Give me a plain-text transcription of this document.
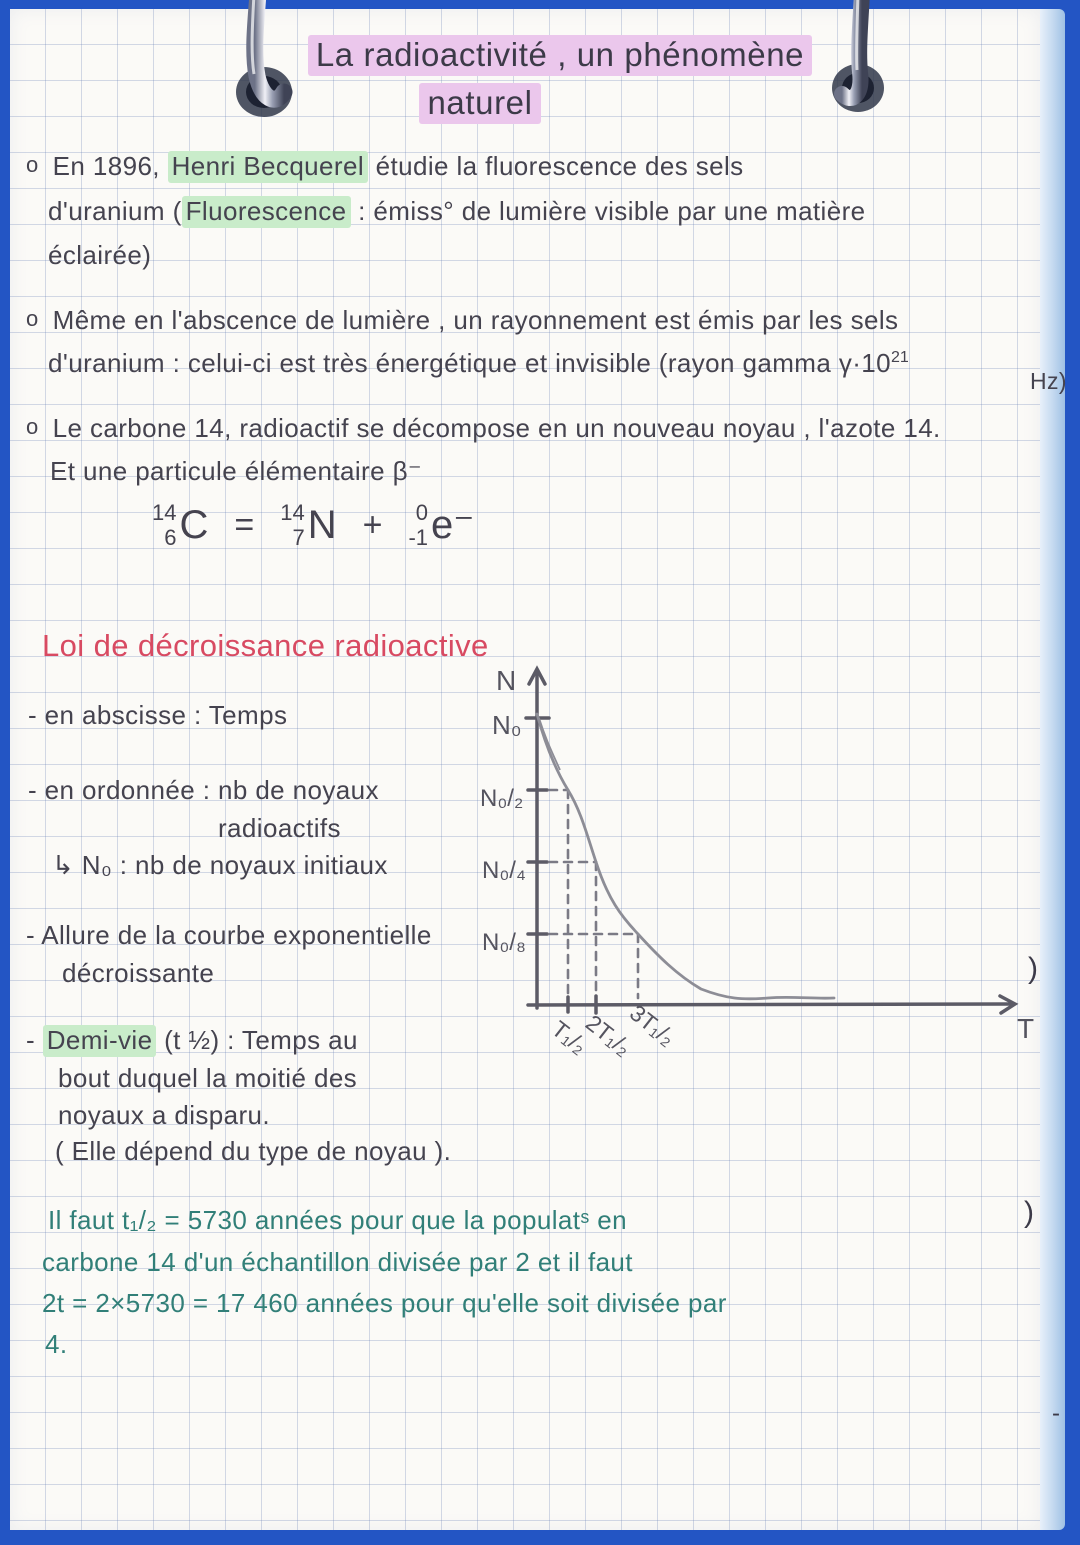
La radioactivité , un phénomène
naturel
o En 1896, Henri Becquerel étudie la fluorescence des sels
d'uranium ( Fluorescence : émiss° de lumière visible par une matière
éclairée)
o Même en l'abscence de lumière , un rayonnement est émis par les sels
d'uranium : celui-ci est très énergétique et invisible (rayon gamma $\gamma\cdot 10^{21}$
Hz)
o Le carbone 14, radioactif se décompose en un nouveau noyau , l'azote 14.
Et une particule élémentaire β⁻
14
6 C = 14
7 N + 0
-1 e⁻
Loi de décroissance radioactive
- en abscisse : Temps
- en ordonnée : nb de noyaux
radioactifs
↳ N₀ : nb de noyaux initiaux
- Allure de la courbe exponentielle
décroissante
- Demi-vie (t ½) : Temps au
bout duquel la moitié des
noyaux a disparu.
( Elle dépend du type de noyau ).
N
N₀
N₀/₂
N₀/₄
N₀/₈
T
T₁/₂
2T₁/₂
3T₁/₂
Il faut t₁/₂ = 5730 années pour que la populatˢ en
carbone 14 d'un échantillon divisée par 2 et il faut
2t = 2×5730 = 17 460 années pour qu'elle soit divisée par
4.
)
)
-
